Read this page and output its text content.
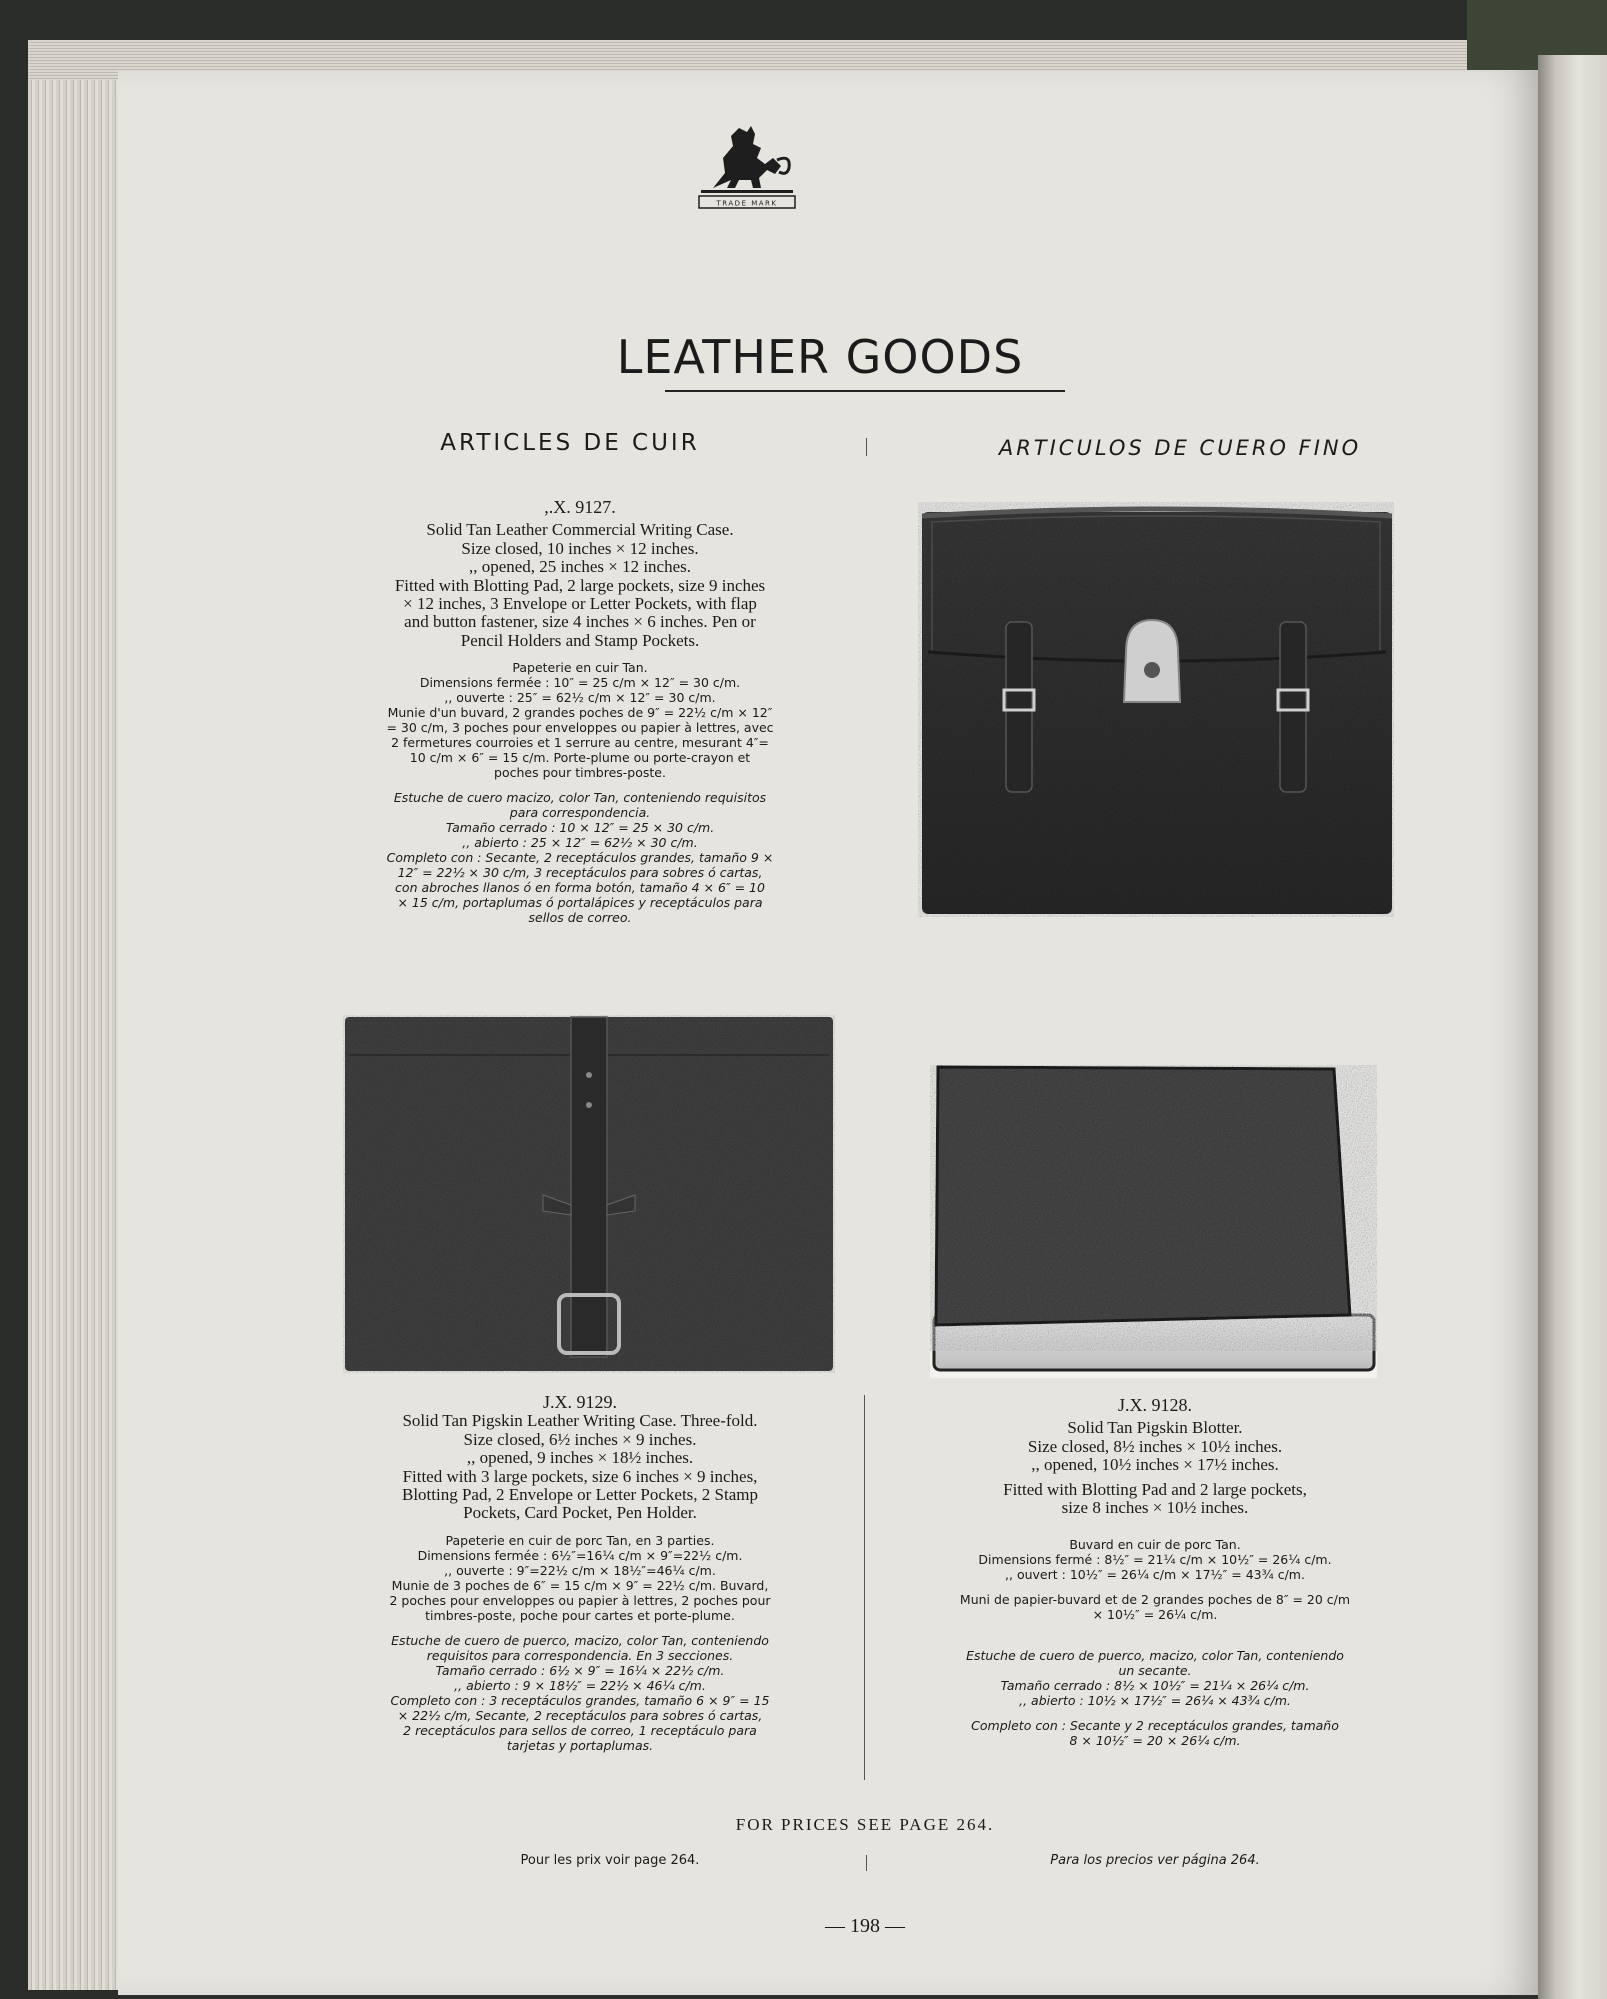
TRADE MARK
LEATHER GOODS
ARTICLES DE CUIR	ARTICULOS DE CUERO FINO
,.X. 9127.
Solid Tan Leather Commercial Writing Case.
Size closed, 10 inches × 12 inches.
,, opened, 25 inches × 12 inches.
Fitted with Blotting Pad, 2 large pockets, size 9 inches
× 12 inches, 3 Envelope or Letter Pockets, with flap
and button fastener, size 4 inches × 6 inches. Pen or
Pencil Holders and Stamp Pockets.
Papeterie en cuir Tan.
Dimensions fermée : 10″ = 25 c/m × 12″ = 30 c/m.
,, ouverte : 25″ = 62½ c/m × 12″ = 30 c/m.
Munie d'un buvard, 2 grandes poches de 9″ = 22½ c/m × 12″
= 30 c/m, 3 poches pour enveloppes ou papier à lettres, avec
2 fermetures courroies et 1 serrure au centre, mesurant 4″=
10 c/m × 6″ = 15 c/m. Porte-plume ou porte-crayon et
poches pour timbres-poste.
Estuche de cuero macizo, color Tan, conteniendo requisitos
para correspondencia.
Tamaño cerrado : 10 × 12″ = 25 × 30 c/m.
,, abierto : 25 × 12″ = 62½ × 30 c/m.
Completo con : Secante, 2 receptáculos grandes, tamaño 9 ×
12″ = 22½ × 30 c/m, 3 receptáculos para sobres ó cartas,
con abroches llanos ó en forma botón, tamaño 4 × 6″ = 10
× 15 c/m, portaplumas ó portalápices y receptáculos para
sellos de correo.
J.X. 9129.
Solid Tan Pigskin Leather Writing Case. Three-fold.
Size closed, 6½ inches × 9 inches.
,, opened, 9 inches × 18½ inches.
Fitted with 3 large pockets, size 6 inches × 9 inches,
Blotting Pad, 2 Envelope or Letter Pockets, 2 Stamp
Pockets, Card Pocket, Pen Holder.
Papeterie en cuir de porc Tan, en 3 parties.
Dimensions fermée : 6½″=16¼ c/m × 9″=22½ c/m.
,, ouverte : 9″=22½ c/m × 18½″=46¼ c/m.
Munie de 3 poches de 6″ = 15 c/m × 9″ = 22½ c/m. Buvard,
2 poches pour enveloppes ou papier à lettres, 2 poches pour
timbres-poste, poche pour cartes et porte-plume.
Estuche de cuero de puerco, macizo, color Tan, conteniendo
requisitos para correspondencia. En 3 secciones.
Tamaño cerrado : 6½ × 9″ = 16¼ × 22½ c/m.
,, abierto : 9 × 18½″ = 22½ × 46¼ c/m.
Completo con : 3 receptáculos grandes, tamaño 6 × 9″ = 15
× 22½ c/m, Secante, 2 receptáculos para sobres ó cartas,
2 receptáculos para sellos de correo, 1 receptáculo para
tarjetas y portaplumas.
J.X. 9128.
Solid Tan Pigskin Blotter.
Size closed, 8½ inches × 10½ inches.
,, opened, 10½ inches × 17½ inches.
Fitted with Blotting Pad and 2 large pockets,
size 8 inches × 10½ inches.
Buvard en cuir de porc Tan.
Dimensions fermé : 8½″ = 21¼ c/m × 10½″ = 26¼ c/m.
,, ouvert : 10½″ = 26¼ c/m × 17½″ = 43¾ c/m.
Muni de papier-buvard et de 2 grandes poches de 8″ = 20 c/m
× 10½″ = 26¼ c/m.
Estuche de cuero de puerco, macizo, color Tan, conteniendo
un secante.
Tamaño cerrado : 8½ × 10½″ = 21¼ × 26¼ c/m.
,, abierto : 10½ × 17½″ = 26¼ × 43¾ c/m.
Completo con : Secante y 2 receptáculos grandes, tamaño
8 × 10½″ = 20 × 26¼ c/m.
FOR PRICES SEE PAGE 264.
Pour les prix voir page 264.	Para los precios ver página 264.
— 198 —
